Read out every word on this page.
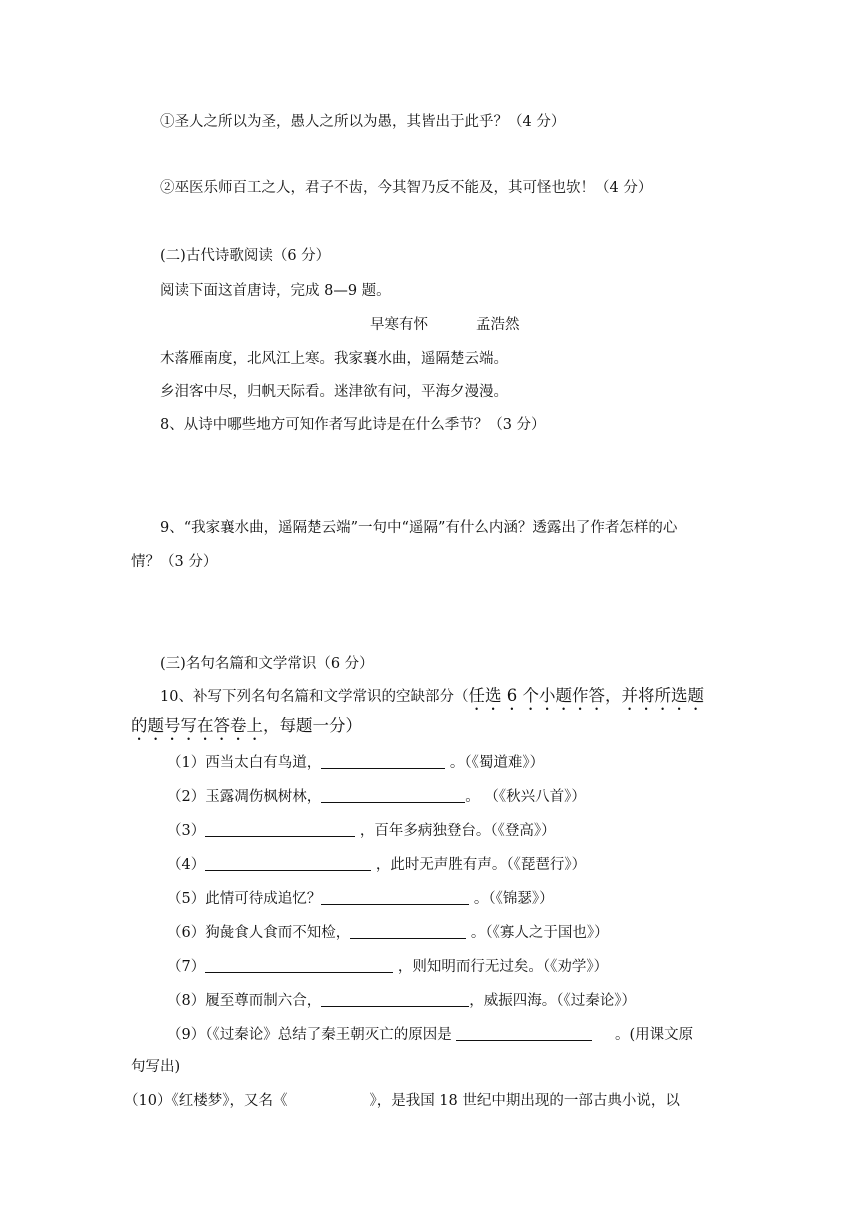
①圣人之所以为圣，愚人之所以为愚，其皆出于此乎？（4 分）
②巫医乐师百工之人，君子不齿，今其智乃反不能及，其可怪也欤！（4 分）
(二)古代诗歌阅读（6 分）
阅读下面这首唐诗，完成 8—9 题。
早寒有怀	孟浩然
木落雁南度，北风江上寒。我家襄水曲，遥隔楚云端。
乡泪客中尽，归帆天际看。迷津欲有问，平海夕漫漫。
8、从诗中哪些地方可知作者写此诗是在什么季节？（3 分）
9、“我家襄水曲，遥隔楚云端”一句中“遥隔”有什么内涵？透露出了作者怎样的心
情？（3 分）
(三)名句名篇和文学常识（6 分）
10、补写下列名句名篇和文学常识的空缺部分（任选 6 个小题作答，并将所选题
的题号写在答卷上，每题一分）
（1）西当太白有鸟道，	。（《蜀道难》）
（2）玉露凋伤枫树林，	。 （《秋兴八首》）
（3）	，百年多病独登台。（《登高》）
（4）	，此时无声胜有声。（《琵琶行》）
（5）此情可待成追忆？	。（《锦瑟》）
（6）狗彘食人食而不知检，	。（《寡人之于国也》）
（7）	，则知明而行无过矣。（《劝学》）
（8）履至尊而制六合，	，威振四海。（《过秦论》）
（9）（《过秦论》总结了秦王朝灭亡的原因是	。(用课文原
句写出)
（10）《红楼梦》，又名《	》，是我国 18 世纪中期出现的一部古典小说，以
